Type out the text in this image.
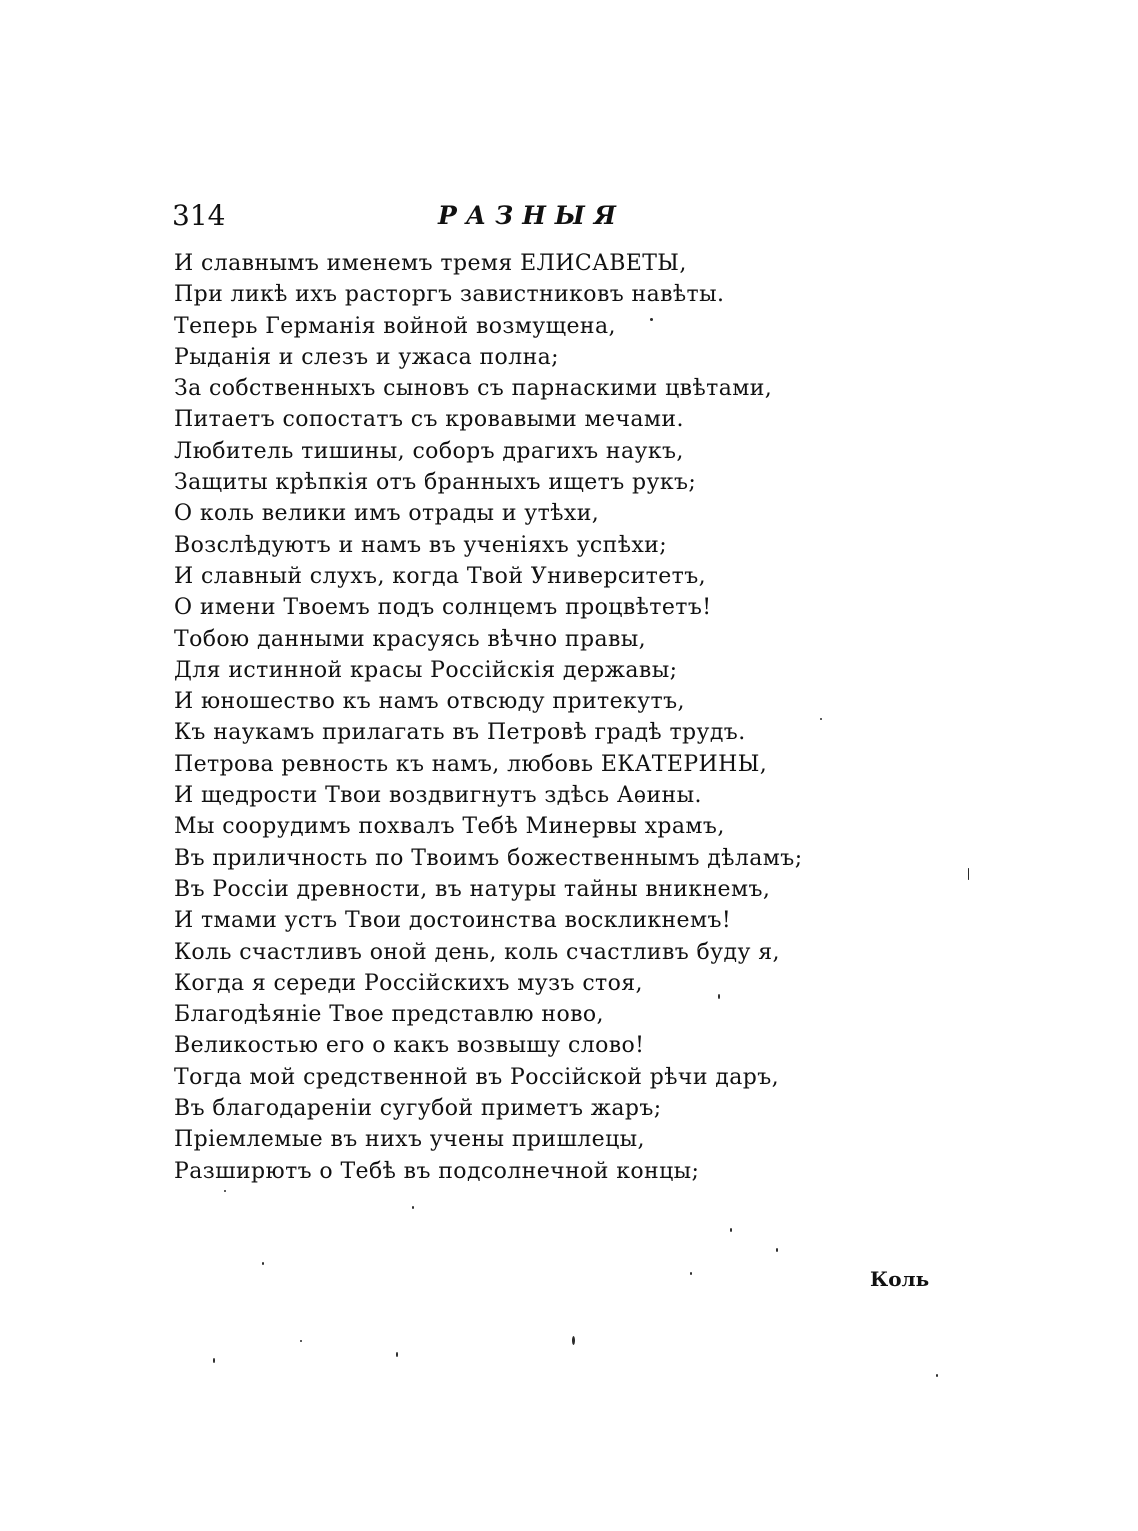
314	РАЗНЫЯ
И славнымъ именемъ тремя ЕЛИСАВЕТЫ,
При ликѣ ихъ расторгъ завистниковъ навѣты.
Теперь Германія войной возмущена,
Рыданія и слезъ и ужаса полна;
За собственныхъ сыновъ съ парнаскими цвѣтами,
Питаетъ сопостатъ съ кровавыми мечами.
Любитель тишины, соборъ драгихъ наукъ,
Защиты крѣпкія отъ бранныхъ ищетъ рукъ;
О коль велики имъ отрады и утѣхи,
Возслѣдуютъ и намъ въ ученіяхъ успѣхи;
И славный слухъ, когда Твой Университетъ,
О имени Твоемъ подъ солнцемъ процвѣтетъ!
Тобою данными красуясь вѣчно правы,
Для истинной красы Россійскія державы;
И юношество къ намъ отвсюду притекутъ,
Къ наукамъ прилагать въ Петровѣ градѣ трудъ.
Петрова ревность къ намъ, любовь ЕКАТЕРИНЫ,
И щедрости Твои воздвигнутъ здѣсь Аѳины.
Мы соорудимъ похвалъ Тебѣ Минервы храмъ,
Въ приличность по Твоимъ божественнымъ дѣламъ;
Въ Россіи древности, въ натуры тайны вникнемъ,
И тмами устъ Твои достоинства воскликнемъ!
Коль счастливъ оной день, коль счастливъ буду я,
Когда я середи Россійскихъ музъ стоя,
Благодѣяніе Твое представлю ново,
Великостью его о какъ возвышу слово!
Тогда мой средственной въ Россійской рѣчи даръ,
Въ благодареніи сугубой приметъ жаръ;
Пріемлемые въ нихъ учены пришлецы,
Разширютъ о Тебѣ въ подсолнечной концы;
Коль
